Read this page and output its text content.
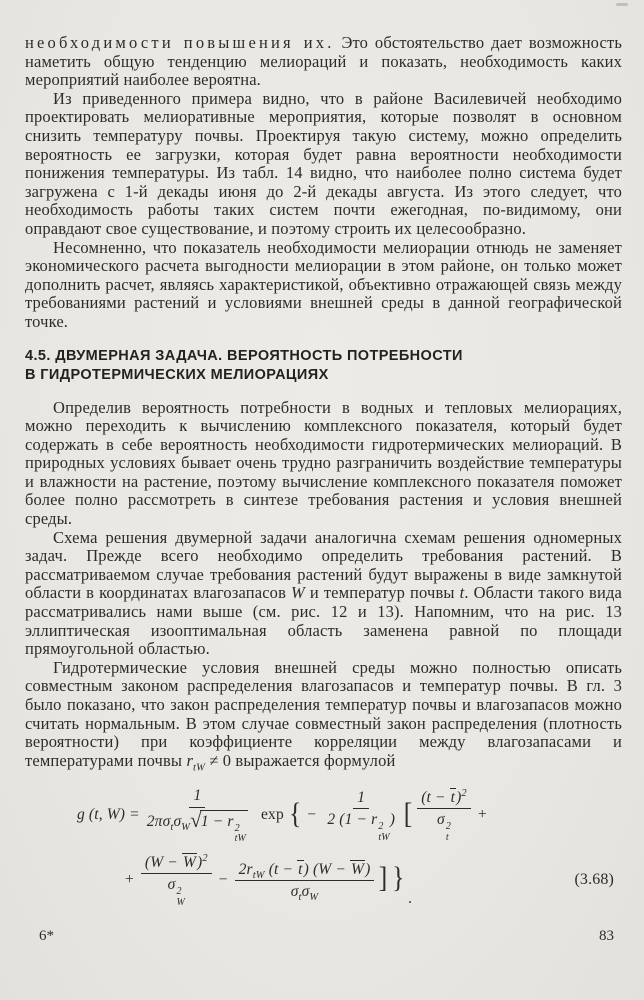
необходимости повышения их. Это обстоятельство дает возможность наметить общую тенденцию мелиораций и показать, необходимость каких мероприятий наиболее вероятна.

Из приведенного примера видно, что в районе Василевичей необходимо проектировать мелиоративные мероприятия, которые позволят в основном снизить температуру почвы. Проектируя такую систему, можно определить вероятность ее загрузки, которая будет равна вероятности необходимости понижения температуры. Из табл. 14 видно, что наиболее полно система будет загружена с 1-й декады июня до 2-й декады августа. Из этого следует, что необходимость работы таких систем почти ежегодная, по-видимому, они оправдают свое существование, и поэтому строить их целесообразно.

Несомненно, что показатель необходимости мелиорации отнюдь не заменяет экономического расчета выгодности мелиорации в этом районе, он только может дополнить расчет, являясь характеристикой, объективно отражающей связь между требованиями растений и условиями внешней среды в данной географической точке.

4.5. ДВУМЕРНАЯ ЗАДАЧА. ВЕРОЯТНОСТЬ ПОТРЕБНОСТИ
В ГИДРОТЕРМИЧЕСКИХ МЕЛИОРАЦИЯХ

Определив вероятность потребности в водных и тепловых мелиорациях, можно переходить к вычислению комплексного показателя, который будет содержать в себе вероятность необходимости гидротермических мелиораций. В природных условиях бывает очень трудно разграничить воздействие температуры и влажности на растение, поэтому вычисление комплексного показателя поможет более полно рассмотреть в синтезе требования растения и условия внешней среды.

Схема решения двумерной задачи аналогична схемам решения одномерных задач. Прежде всего необходимо определить требования растений. В рассматриваемом случае требования растений будут выражены в виде замкнутой области в координатах влагозапасов W и температур почвы t. Области такого вида рассматривались нами выше (см. рис. 12 и 13). Напомним, что на рис. 13 эллиптическая изооптимальная область заменена равной по площади прямоугольной областью.

Гидротермические условия внешней среды можно полностью описать совместным законом распределения влагозапасов и температур почвы. В гл. 3 было показано, что закон распределения температур почвы и влагозапасов можно считать нормальным. В этом случае совместный закон распределения (плотность вероятности) при коэффициенте корреляции между влагозапасами и температурами почвы $r_{tW} \ne 0$ выражается формулой

g (t, W) = 1
$2\pi\sigma_t\sigma_W√1 - r$ 2
tW exp { − 1
2 (1 − r 2
tW
) [ $(t - t)^2$
σ 2
t +
+ $(W - W)^2$
σ 2
$W - \frac{2r_{tW} (t - t) (W - W)}{\sigma_t\sigma_W}$ ] }
.
(3.68)
6*	83
